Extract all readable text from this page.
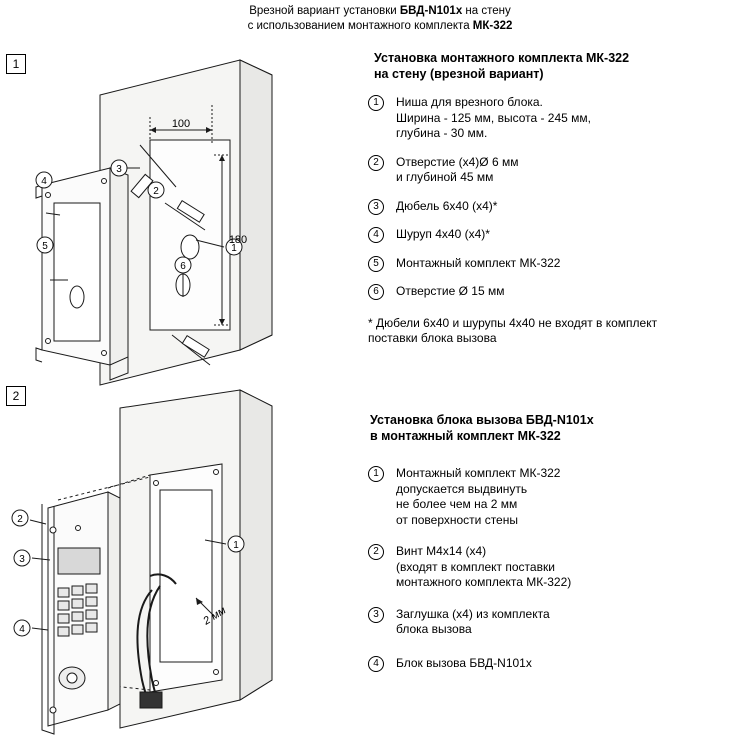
Врезной вариант установки БВД-N101x на стену
с использованием монтажного комплекта МК-322
1
2
1
2
3
4
5
6
100
180
1
2
3
4
2 мм
Установка монтажного комплекта МК-322
на стену (врезной вариант)
1	Ниша для врезного блока.
Ширина - 125 мм, высота - 245 мм,
глубина - 30 мм.
2	Отверстие (х4)Ø 6 мм
и глубиной 45 мм
3	Дюбель 6х40 (х4)*
4	Шуруп 4х40 (х4)*
5	Монтажный комплект МК-322
6	Отверстие Ø 15 мм
* Дюбели 6х40 и шурупы 4х40 не входят в комплект
поставки блока вызова
Установка блока вызова БВД-N101x
в монтажный комплект МК-322
1	Монтажный комплект МК-322
допускается выдвинуть
не более чем на 2 мм
от поверхности стены
2	Винт М4х14 (х4)
(входят в комплект поставки
монтажного комплекта МК-322)
3	Заглушка (х4) из комплекта
блока вызова
4	Блок вызова БВД-N101x
